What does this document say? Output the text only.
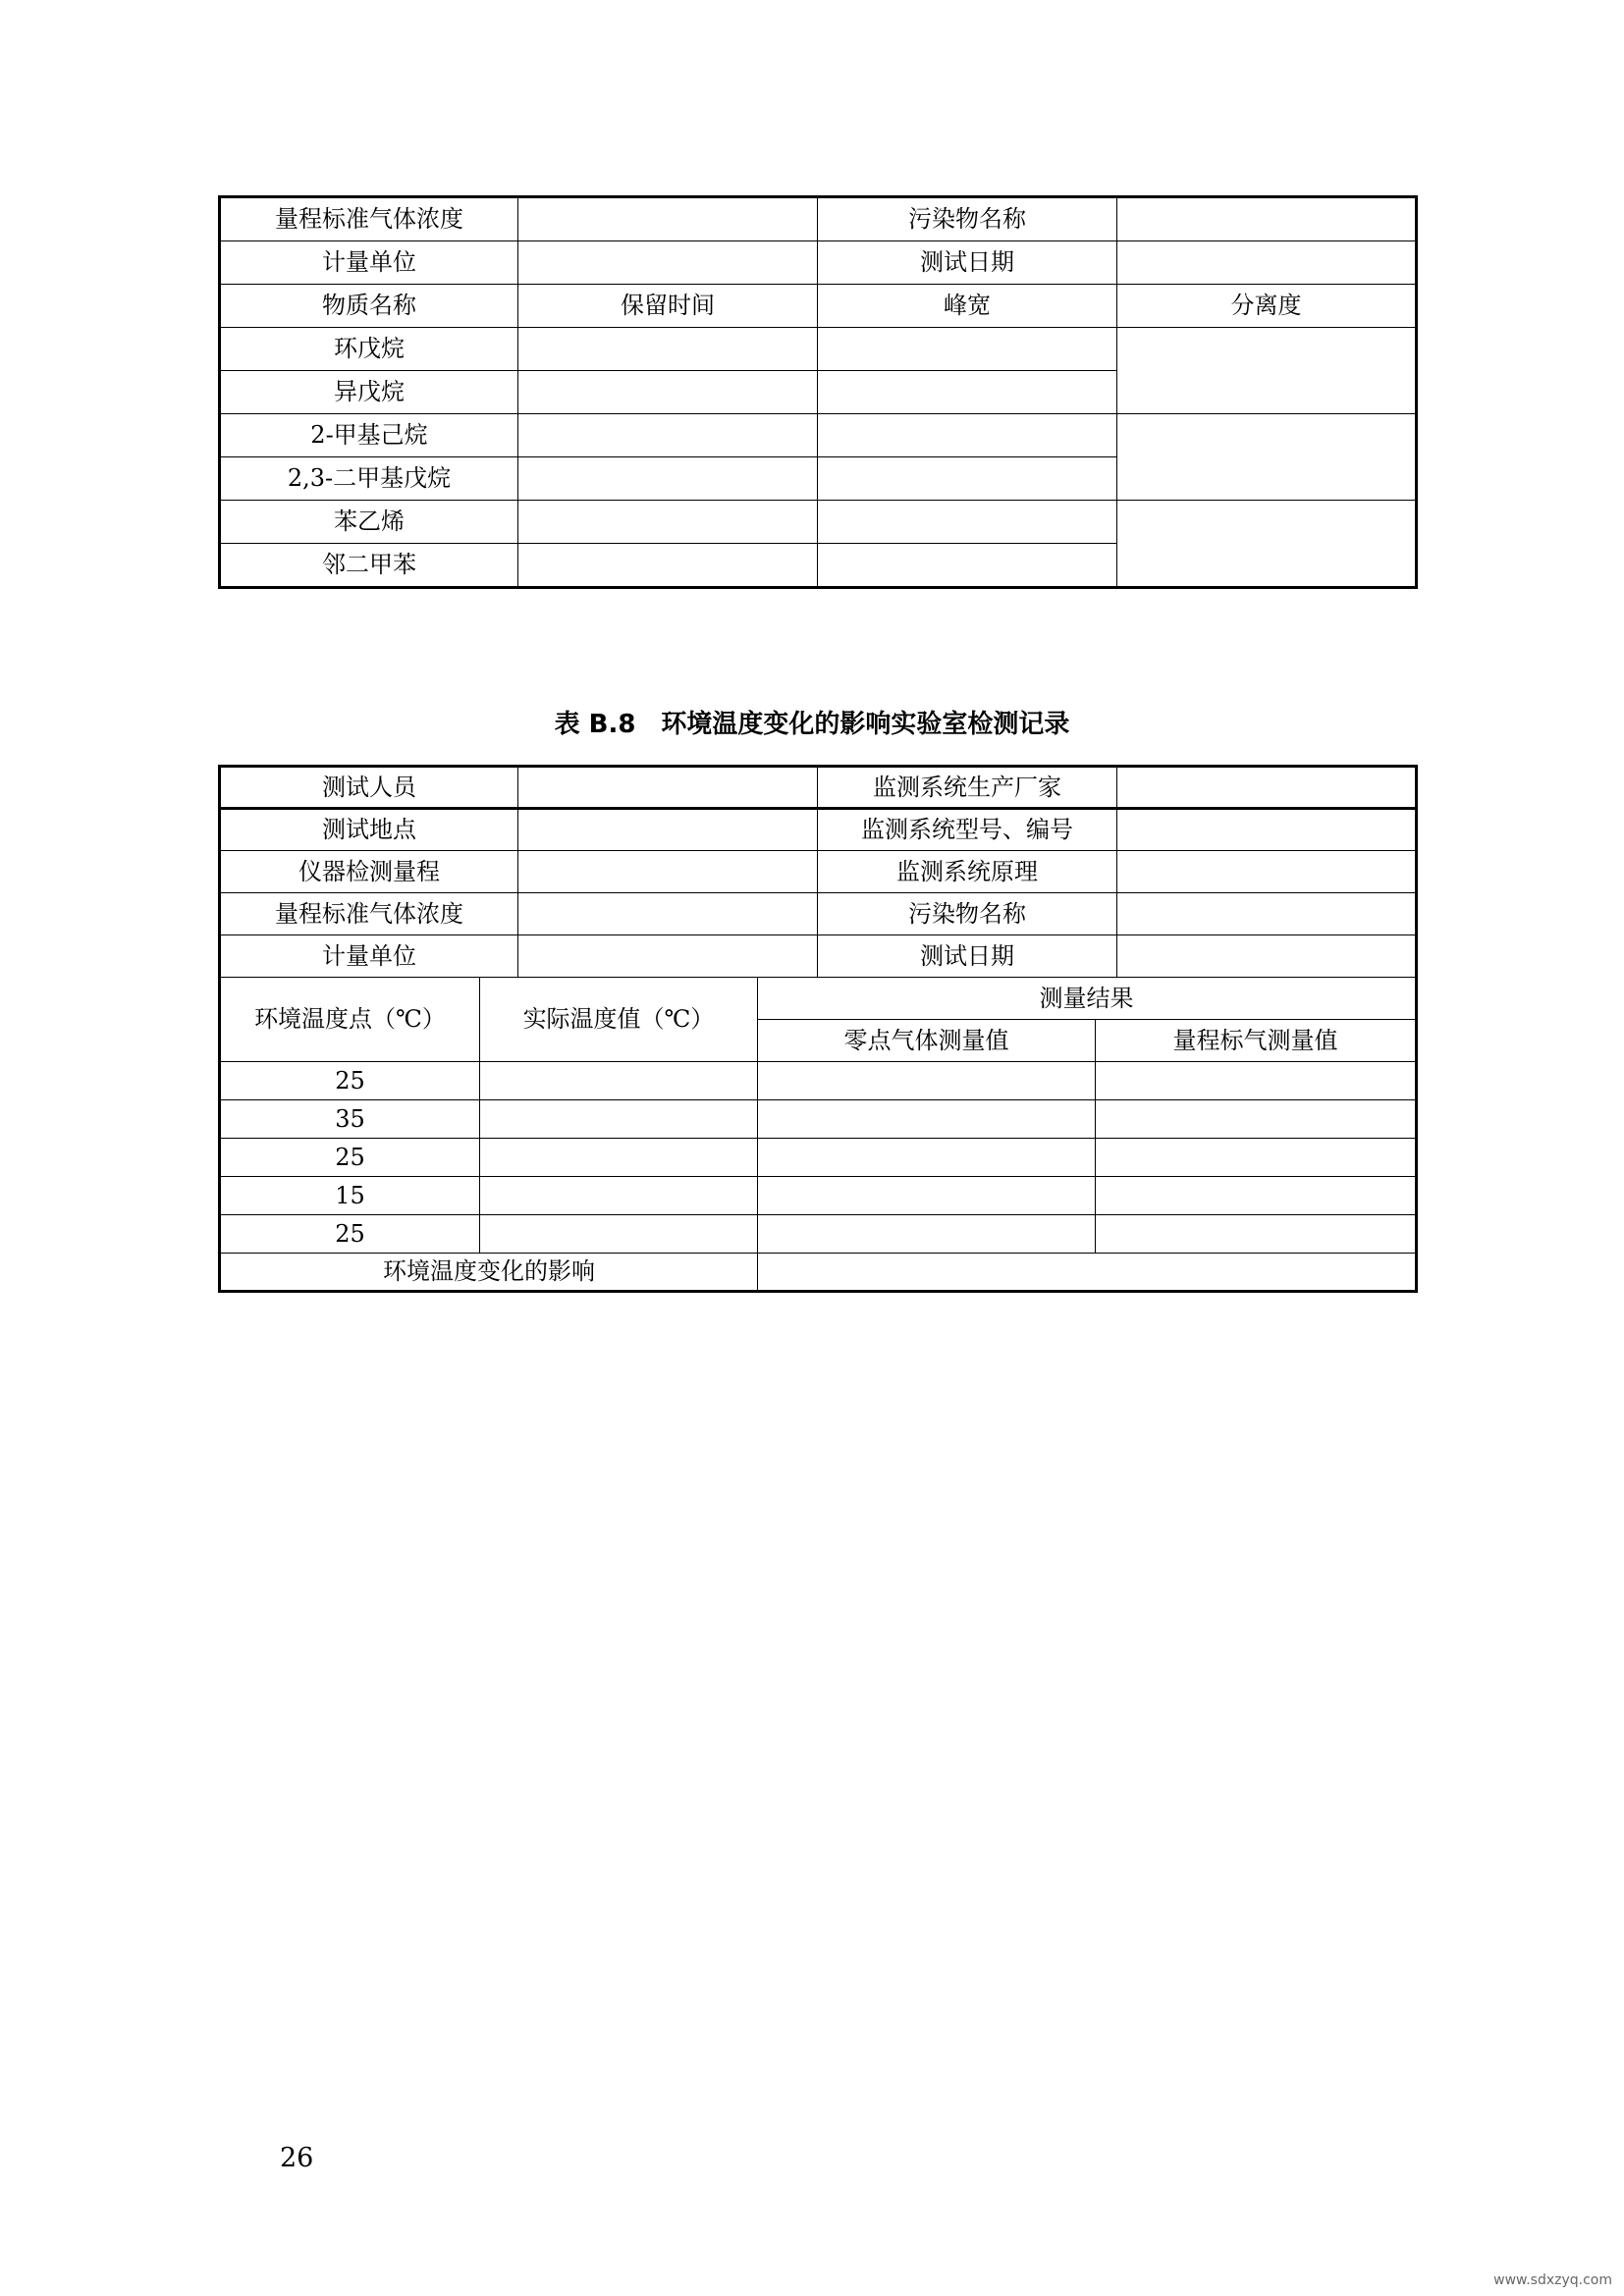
量程标准气体浓度		污染物名称	
计量单位		测试日期	
物质名称	保留时间	峰宽	分离度
环戊烷			
异戊烷			
2-甲基己烷			
2,3-二甲基戊烷			
苯乙烯			
邻二甲苯			
表 B.8　环境温度变化的影响实验室检测记录
测试人员				监测系统生产厂家		
测试地点				监测系统型号、编号		
仪器检测量程				监测系统原理		
量程标准气体浓度				污染物名称		
计量单位				测试日期		
环境温度点（℃）	实际温度值（℃）		测量结果			
			零点气体测量值		量程标气测量值	
25						
35						
25						
15						
25						
环境温度变化的影响						
26
www.sdxzyq.com
